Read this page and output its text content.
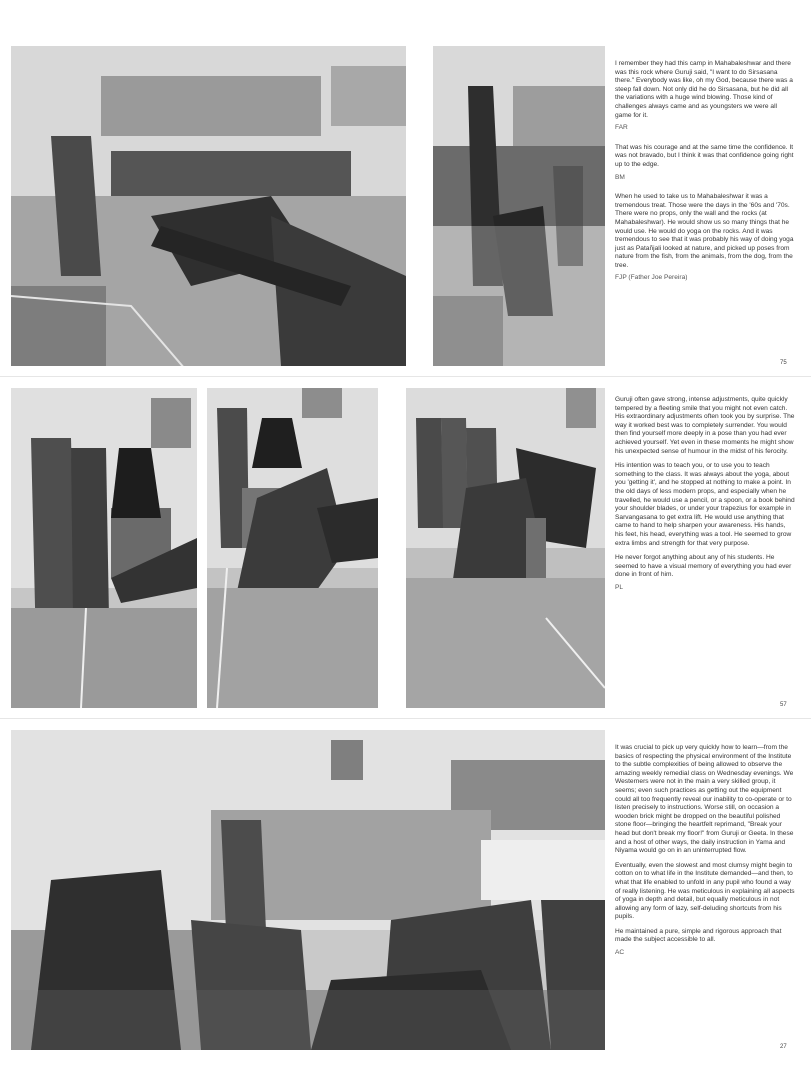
I remember they had this camp in Mahabaleshwar and there was this rock where Guruji said, "I want to do Sirsasana there." Everybody was like, oh my God, because there was a steep fall down. Not only did he do Sirsasana, but he did all the variations with a huge wind blowing. Those kind of challenges always came and as youngsters we were all game for it.

FAR

That was his courage and at the same time the confidence. It was not bravado, but I think it was that confidence going right up to the edge.

BM

When he used to take us to Mahabaleshwar it was a tremendous treat. Those were the days in the '60s and '70s. There were no props, only the wall and the rocks (at Mahabaleshwar). He would show us so many things that he would use. He would do yoga on the rocks. And it was tremendous to see that it was probably his way of doing yoga just as Patañjali looked at nature, and picked up poses from nature from the fish, from the animals, from the dog, from the tree.

FJP (Father Joe Pereira)

75

Guruji often gave strong, intense adjustments, quite quickly tempered by a fleeting smile that you might not even catch. His extraordinary adjustments often took you by surprise. The way it worked best was to completely surrender. You would then find yourself more deeply in a pose than you had ever achieved yourself. Yet even in these moments he might show his unexpected sense of humour in the midst of his ferocity.

His intention was to teach you, or to use you to teach something to the class. It was always about the yoga, about you 'getting it', and he stopped at nothing to make a point. In the old days of less modern props, and especially when he travelled, he would use a pencil, or a spoon, or a book behind your shoulder blades, or under your trapezius for example in Sarvangasana to get extra lift. He would use anything that came to hand to help sharpen your awareness. His hands, his feet, his head, everything was a tool. He seemed to grow extra limbs and strength for that very purpose.

He never forgot anything about any of his students. He seemed to have a visual memory of everything you had ever done in front of him.

PL

57

It was crucial to pick up very quickly how to learn—from the basics of respecting the physical environment of the Institute to the subtle complexities of being allowed to observe the amazing weekly remedial class on Wednesday evenings. We Westerners were not in the main a very skilled group, it seems; even such practices as getting out the equipment could all too frequently reveal our inability to co-operate or to listen precisely to instructions. Worse still, on occasion a wooden brick might be dropped on the beautiful polished stone floor—bringing the heartfelt reprimand, "Break your head but don't break my floor!" from Guruji or Geeta. In these and a host of other ways, the daily instruction in Yama and Niyama would go on in an uninterrupted flow.

Eventually, even the slowest and most clumsy might begin to cotton on to what life in the Institute demanded—and then, to what that life enabled to unfold in any pupil who found a way of really listening. He was meticulous in explaining all aspects of yoga in depth and detail, but equally meticulous in not allowing any form of lazy, self-deluding shortcuts from his pupils.

He maintained a pure, simple and rigorous approach that made the subject accessible to all.

AC

27
